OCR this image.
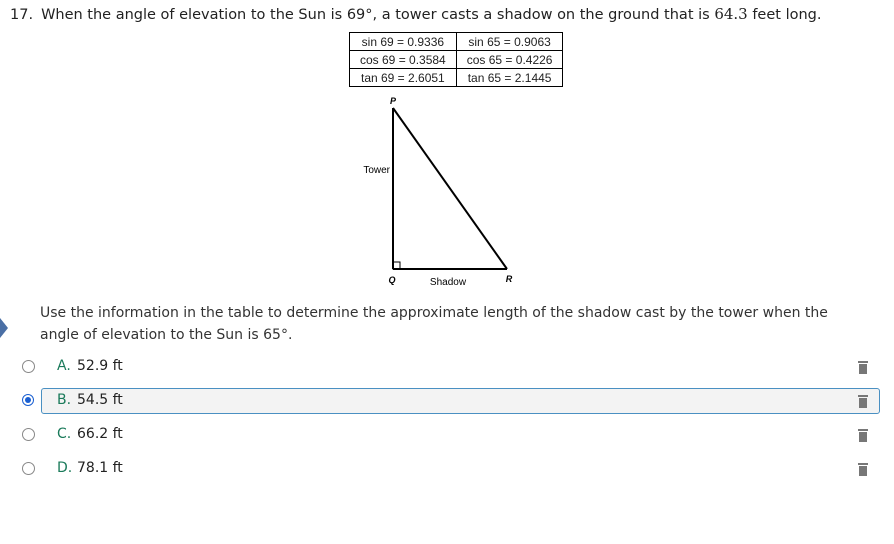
17. When the angle of elevation to the Sun is 69°, a tower casts a shadow on the ground that is 64.3 feet long.
sin 69 = 0.9336	sin 65 = 0.9063
cos 69 = 0.3584	cos 65 = 0.4226
tan 69 = 2.6051	tan 65 = 2.1445
P
Tower
Q	Shadow	R
Use the information in the table to determine the approximate length of the shadow cast by the tower when the angle of elevation to the Sun is 65°.
A. 52.9 ft
B. 54.5 ft
C. 66.2 ft
D. 78.1 ft
